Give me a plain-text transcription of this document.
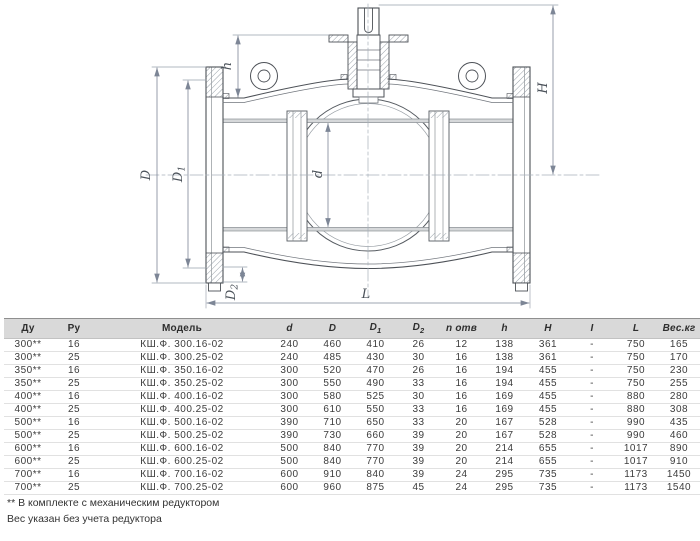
D D1
D2
h
H
d
L
Ду	Ру	Модель	d	D	$D_1$	$D_2$	n отв	h	H	I	L	Вес.кг
300**	16	КШ.Ф. 300.16-02	240	460	410	26	12	138	361	-	750	165
300**	25	КШ.Ф. 300.25-02	240	485	430	30	16	138	361	-	750	170
350**	16	КШ.Ф. 350.16-02	300	520	470	26	16	194	455	-	750	230
350**	25	КШ.Ф. 350.25-02	300	550	490	33	16	194	455	-	750	255
400**	16	КШ.Ф. 400.16-02	300	580	525	30	16	169	455	-	880	280
400**	25	КШ.Ф. 400.25-02	300	610	550	33	16	169	455	-	880	308
500**	16	КШ.Ф. 500.16-02	390	710	650	33	20	167	528	-	990	435
500**	25	КШ.Ф. 500.25-02	390	730	660	39	20	167	528	-	990	460
600**	16	КШ.Ф. 600.16-02	500	840	770	39	20	214	655	-	1017	890
600**	25	КШ.Ф. 600.25-02	500	840	770	39	20	214	655	-	1017	910
700**	16	КШ.Ф. 700.16-02	600	910	840	39	24	295	735	-	1173	1450
700**	25	КШ.Ф. 700.25-02	600	960	875	45	24	295	735	-	1173	1540
** В комплекте с механическим редуктором
Вес указан без учета редуктора
